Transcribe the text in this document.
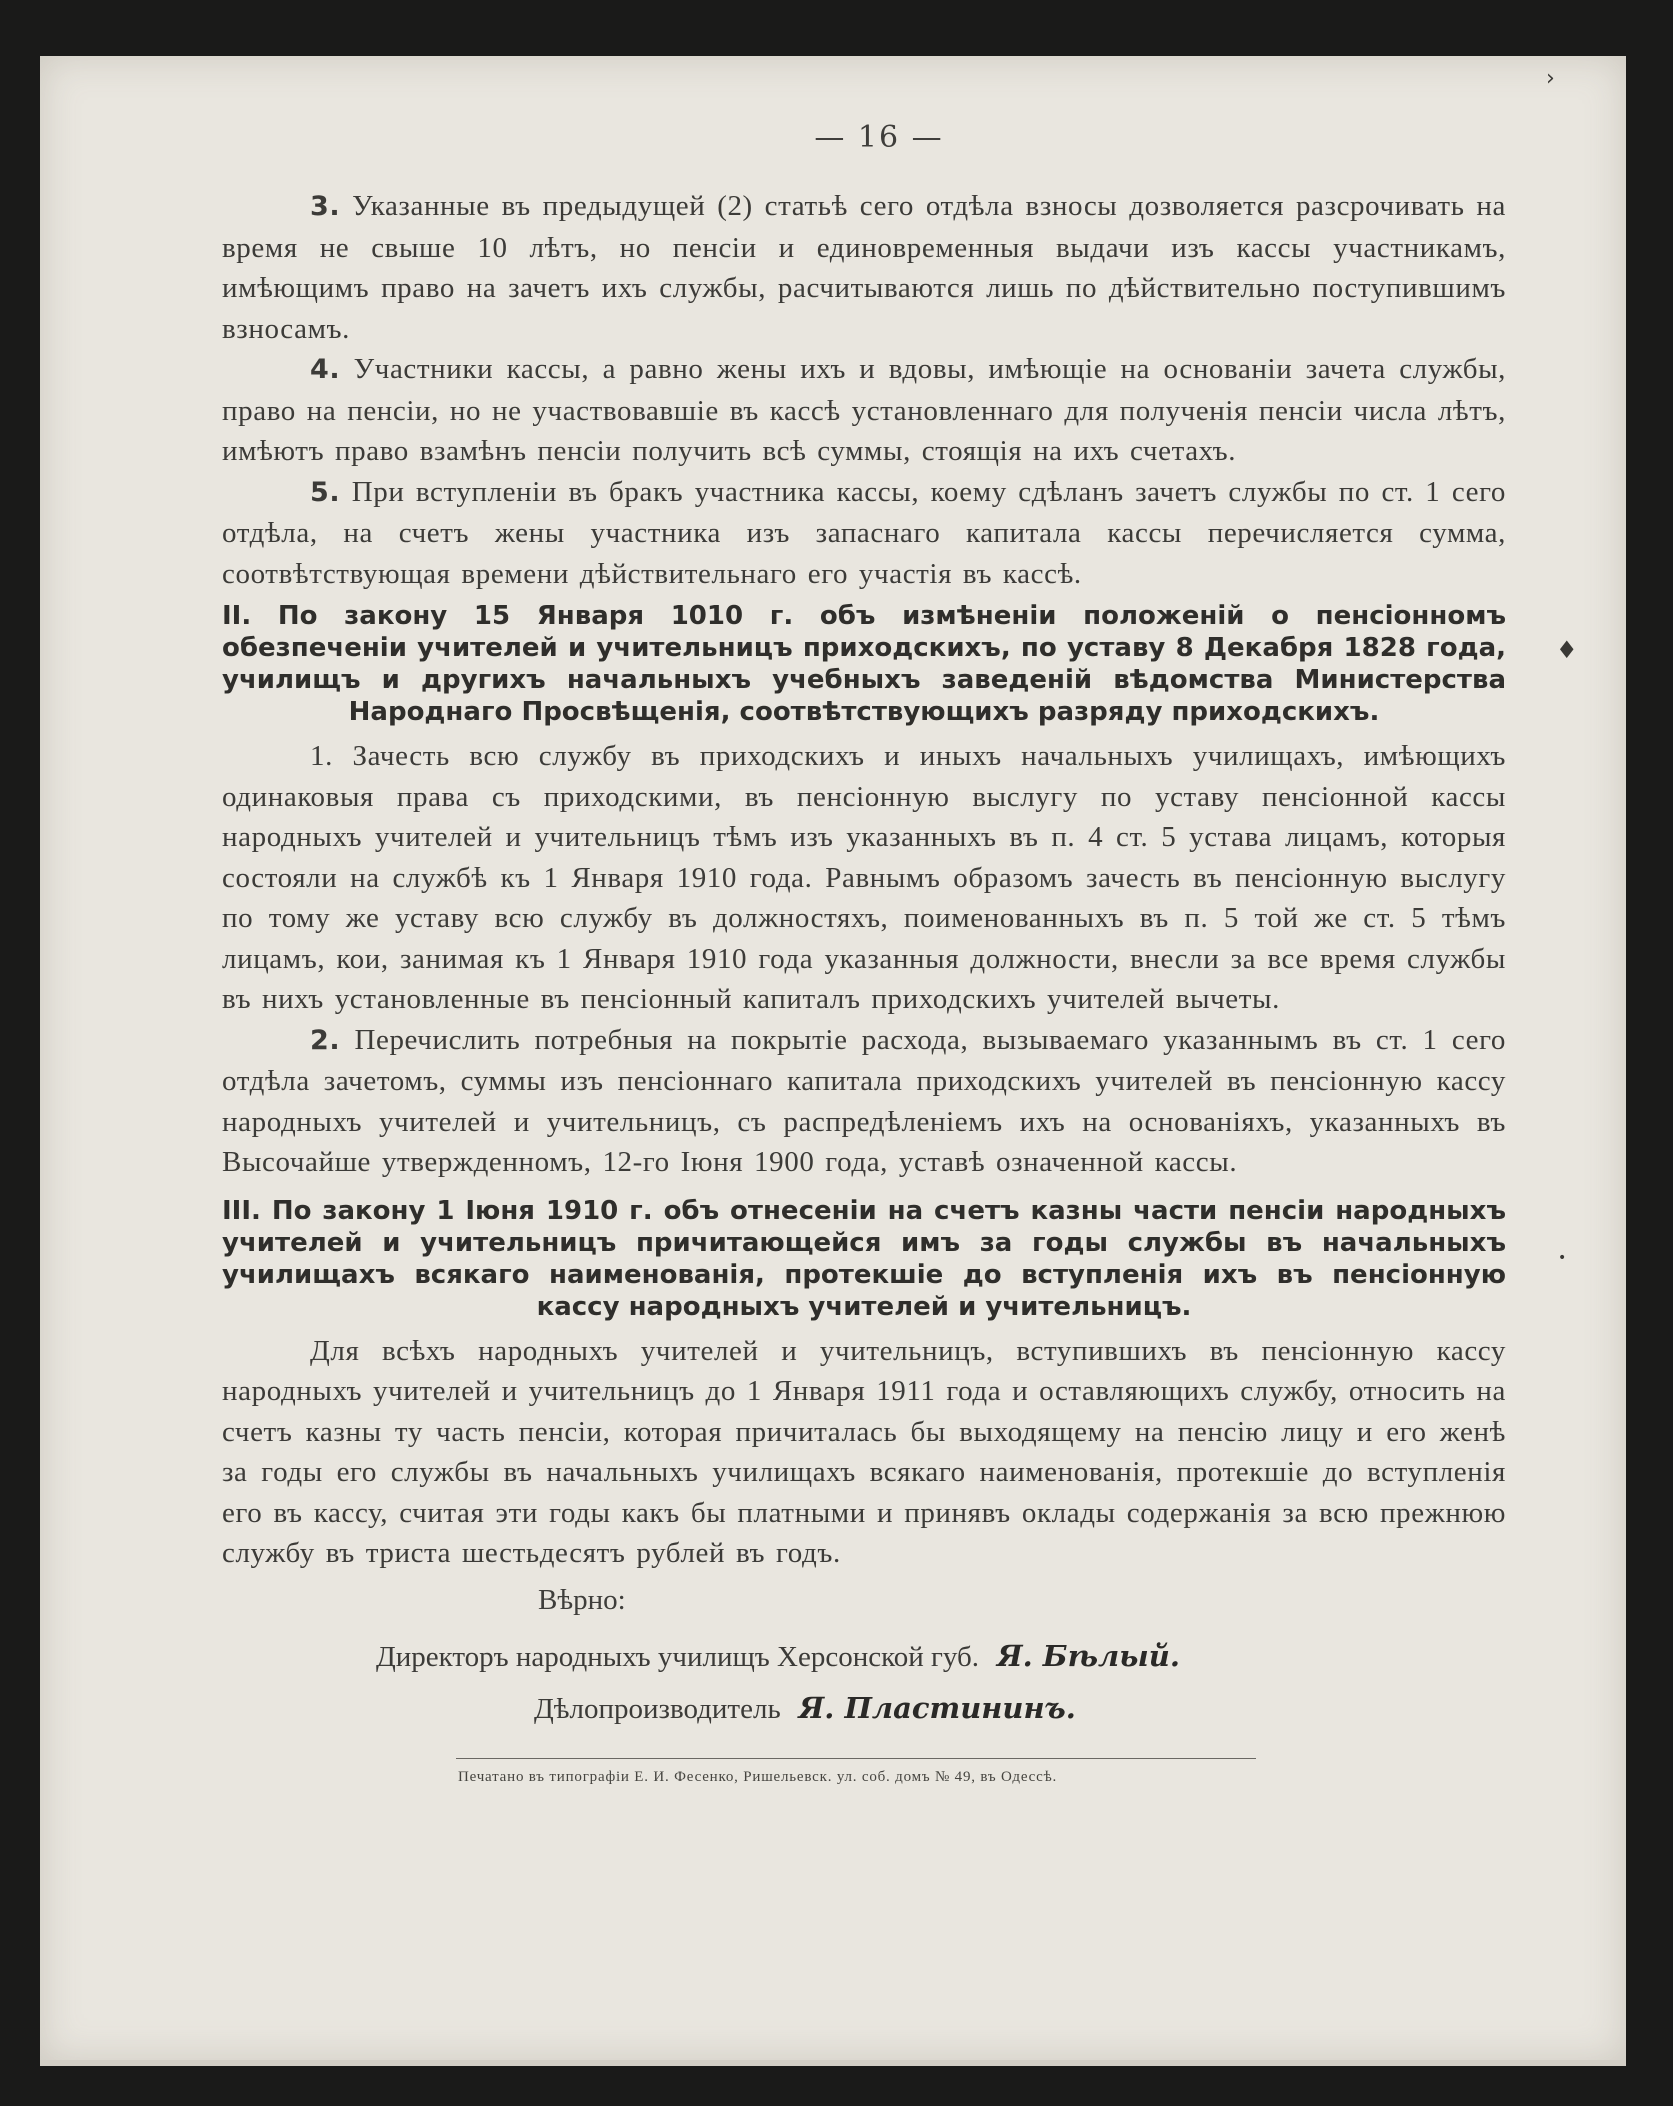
›
♦
•
— 16 —

3. Указанные въ предыдущей (2) статьѣ сего отдѣла взносы дозволяется разсрочивать на время не свыше 10 лѣтъ, но пенсіи и единовременныя выдачи изъ кассы участникамъ, имѣющимъ право на зачетъ ихъ службы, расчитываются лишь по дѣйствительно поступившимъ взносамъ.

4. Участники кассы, а равно жены ихъ и вдовы, имѣющіе на основаніи зачета службы, право на пенсіи, но не участвовавшіе въ кассѣ установленнаго для полученія пенсіи числа лѣтъ, имѣютъ право взамѣнъ пенсіи получить всѣ суммы, стоящія на ихъ счетахъ.

5. При вступленіи въ бракъ участника кассы, коему сдѣланъ зачетъ службы по ст. 1 сего отдѣла, на счетъ жены участника изъ запаснаго капитала кассы перечисляется сумма, соотвѣтствующая времени дѣйствительнаго его участія въ кассѣ.

II. По закону 15 Января 1010 г. объ измѣненіи положеній о пенсіонномъ обезпеченіи учителей и учительницъ приходскихъ, по уставу 8 Декабря 1828 года, училищъ и другихъ начальныхъ учебныхъ заведеній вѣдомства Министерства Народнаго Просвѣщенія, соотвѣтствующихъ разряду приходскихъ.

1. Зачесть всю службу въ приходскихъ и иныхъ начальныхъ училищахъ, имѣющихъ одинаковыя права съ приходскими, въ пенсіонную выслугу по уставу пенсіонной кассы народныхъ учителей и учительницъ тѣмъ изъ указанныхъ въ п. 4 ст. 5 устава лицамъ, которыя состояли на службѣ къ 1 Января 1910 года. Равнымъ образомъ зачесть въ пенсіонную выслугу по тому же уставу всю службу въ должностяхъ, поименованныхъ въ п. 5 той же ст. 5 тѣмъ лицамъ, кои, занимая къ 1 Января 1910 года указанныя должности, внесли за все время службы въ нихъ установленные въ пенсіонный капиталъ приходскихъ учителей вычеты.

2. Перечислить потребныя на покрытіе расхода, вызываемаго указаннымъ въ ст. 1 сего отдѣла зачетомъ, суммы изъ пенсіоннаго капитала приходскихъ учителей въ пенсіонную кассу народныхъ учителей и учительницъ, съ распредѣленіемъ ихъ на основаніяхъ, указанныхъ въ Высочайше утвержденномъ, 12-го Іюня 1900 года, уставѣ означенной кассы.

III. По закону 1 Іюня 1910 г. объ отнесеніи на счетъ казны части пенсіи народныхъ учителей и учительницъ причитающейся имъ за годы службы въ начальныхъ училищахъ всякаго наименованія, протекшіе до вступленія ихъ въ пенсіонную кассу народныхъ учителей и учительницъ.

Для всѣхъ народныхъ учителей и учительницъ, вступившихъ въ пенсіонную кассу народныхъ учителей и учительницъ до 1 Января 1911 года и оставляющихъ службу, относить на счетъ казны ту часть пенсіи, которая причиталась бы выходящему на пенсію лицу и его женѣ за годы его службы въ начальныхъ училищахъ всякаго наименованія, протекшіе до вступленія его въ кассу, считая эти годы какъ бы платными и принявъ оклады содержанія за всю прежнюю службу въ триста шестьдесятъ рублей въ годъ.

Вѣрно:
Директоръ народныхъ училищъ Херсонской губ. Я. Бѣлый.
Дѣлопроизводитель Я. Пластининъ.
Печатано въ типографіи Е. И. Фесенко, Ришельевск. ул. соб. домъ № 49, въ Одессѣ.
